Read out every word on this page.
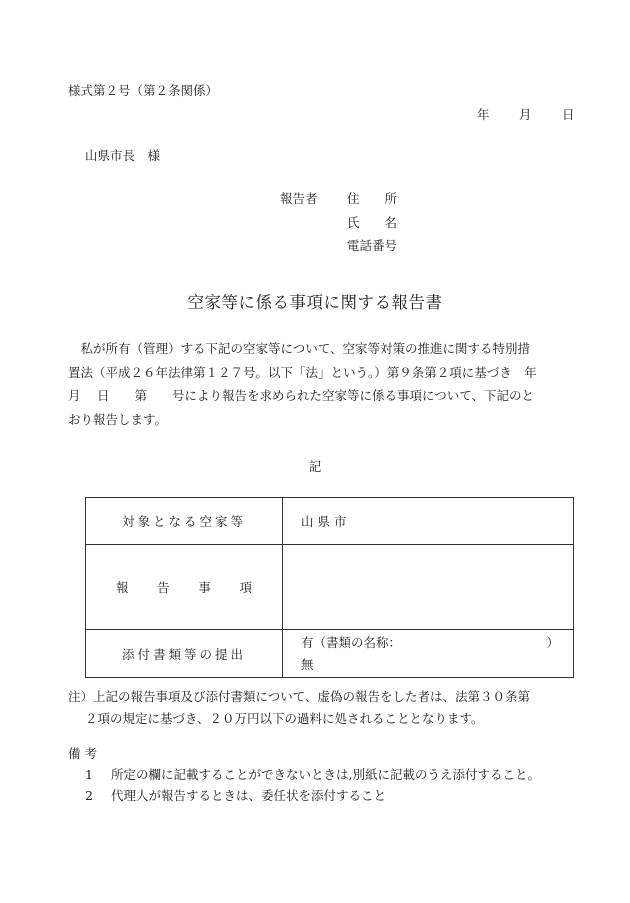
様式第２号（第２条関係）
年 月 日
山県市長　様
報告者 住　　所
氏　　名
電話番号
空家等に係る事項に関する報告書
　私が所有（管理）する下記の空家等について、空家等対策の推進に関する特別措
置法（平成２６年法律第１２７号。以下「法」という。）第９条第２項に基づき　年
月　 日　　第　　号により報告を求められた空家等に係る事項について、下記のと
おり報告します。
記
対象となる空家等	山 県 市

報 告 事 項	

添付書類等の提出	有（書類の名称： ）
無
注）上記の報告事項及び添付書類について、虚偽の報告をした者は、法第３０条第
２項の規定に基づき、２０万円以下の過料に処されることとなります。
備 考
1 所定の欄に記載することができないときは,別紙に記載のうえ添付すること。
2 代理人が報告するときは、委任状を添付すること
